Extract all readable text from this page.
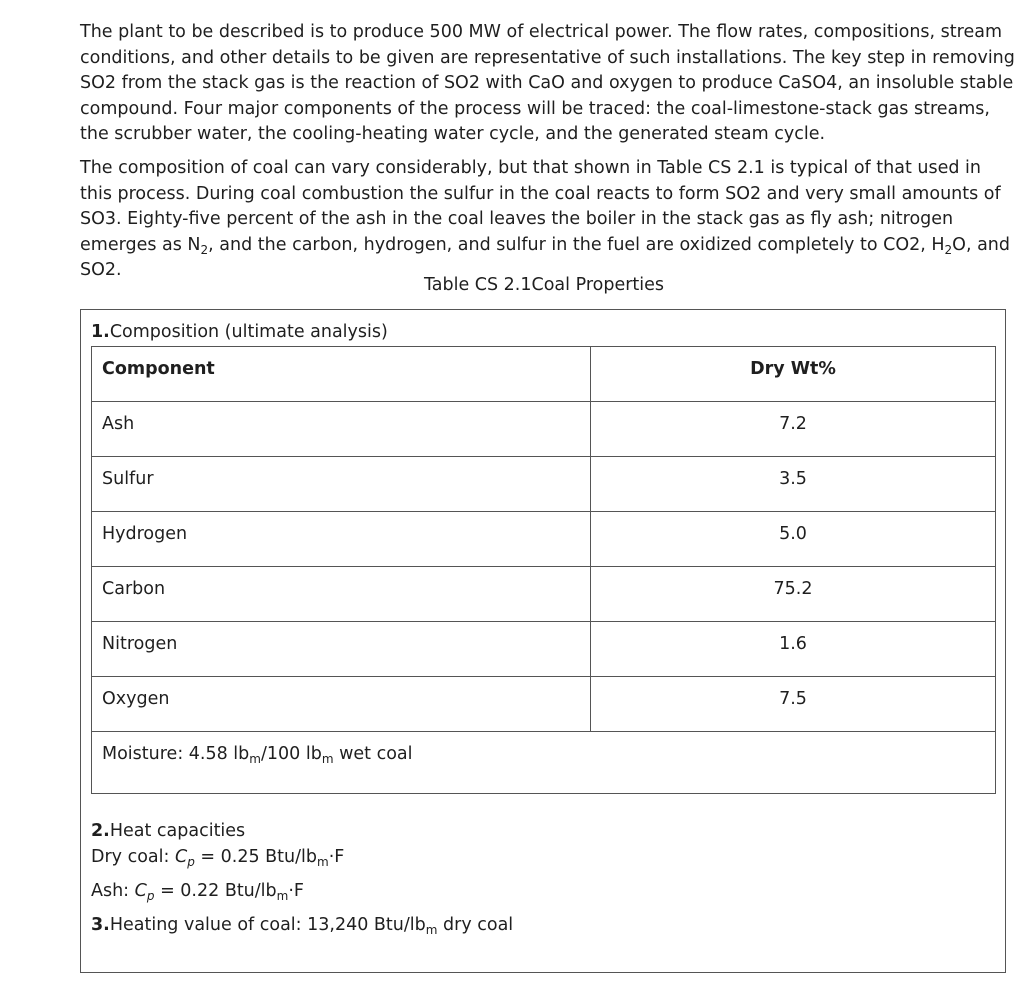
The plant to be described is to produce 500 MW of electrical power. The flow rates, compositions, stream conditions, and other details to be given are representative of such installations. The key step in removing SO2 from the stack gas is the reaction of SO2 with CaO and oxygen to produce CaSO4, an insoluble stable compound. Four major components of the process will be traced: the coal-limestone-stack gas streams, the scrubber water, the cooling-heating water cycle, and the generated steam cycle.

The composition of coal can vary considerably, but that shown in Table CS 2.1 is typical of that used in this process. During coal combustion the sulfur in the coal reacts to form SO2 and very small amounts of SO3. Eighty-five percent of the ash in the coal leaves the boiler in the stack gas as fly ash; nitrogen emerges as $N_2$, and the carbon, hydrogen, and sulfur in the fuel are oxidized completely to CO2, $H_2O$, and SO2.

Table CS 2.1Coal Properties
1.Composition (ultimate analysis)
Component	Dry Wt%
Ash	7.2
Sulfur	3.5
Hydrogen	5.0
Carbon	75.2
Nitrogen	1.6
Oxygen	7.5
Moisture: 4.58 $lb_m/100$ $lb_m$ wet coal	
2.Heat capacities
Dry coal: $C_p = 0.25$ Btu/$lb_m\cdot F$
Ash: $C_p = 0.22$ Btu/$lb_m\cdot F$
3.Heating value of coal: 13,240 Btu/$lb_m$ dry coal
